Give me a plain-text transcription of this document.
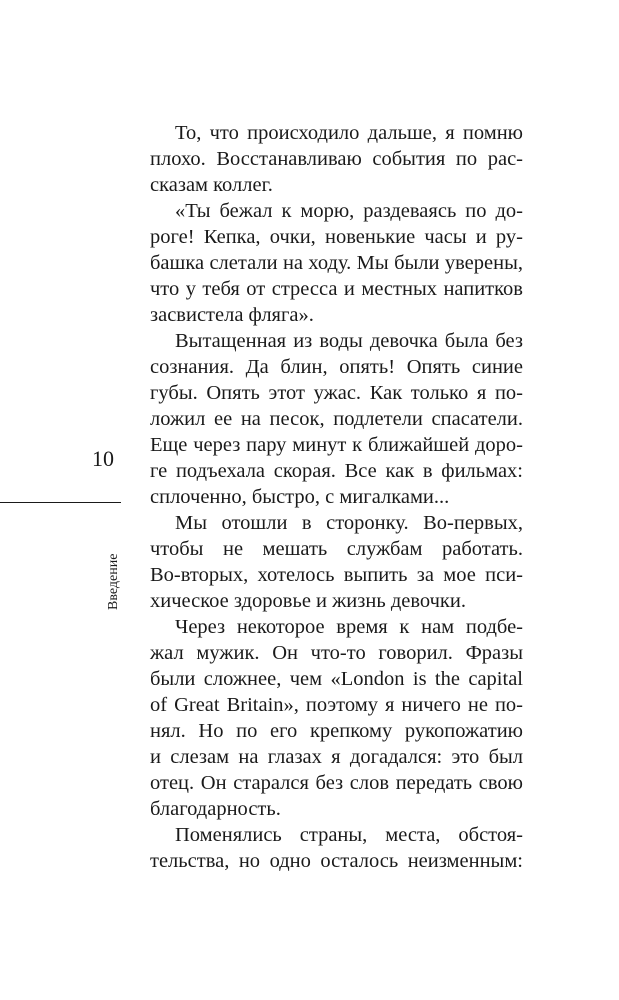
10
Введение
То, что происходило дальше, я помню
плохо. Восстанавливаю события по рас-
сказам коллег.
«Ты бежал к морю, раздеваясь по до-
роге! Кепка, очки, новенькие часы и ру-
башка слетали на ходу. Мы были уверены,
что у тебя от стресса и местных напитков
засвистела фляга».
Вытащенная из воды девочка была без
сознания. Да блин, опять! Опять синие
губы. Опять этот ужас. Как только я по-
ложил ее на песок, подлетели спасатели.
Еще через пару минут к ближайшей доро-
ге подъехала скорая. Все как в фильмах:
сплоченно, быстро, с мигалками...
Мы отошли в сторонку. Во-первых,
чтобы не мешать службам работать.
Во-вторых, хотелось выпить за мое пси-
хическое здоровье и жизнь девочки.
Через некоторое время к нам подбе-
жал мужик. Он что-то говорил. Фразы
были сложнее, чем «London is the capital
of Great Britain», поэтому я ничего не по-
нял. Но по его крепкому рукопожатию
и слезам на глазах я догадался: это был
отец. Он старался без слов передать свою
благодарность.
Поменялись страны, места, обстоя-
тельства, но одно осталось неизменным:
